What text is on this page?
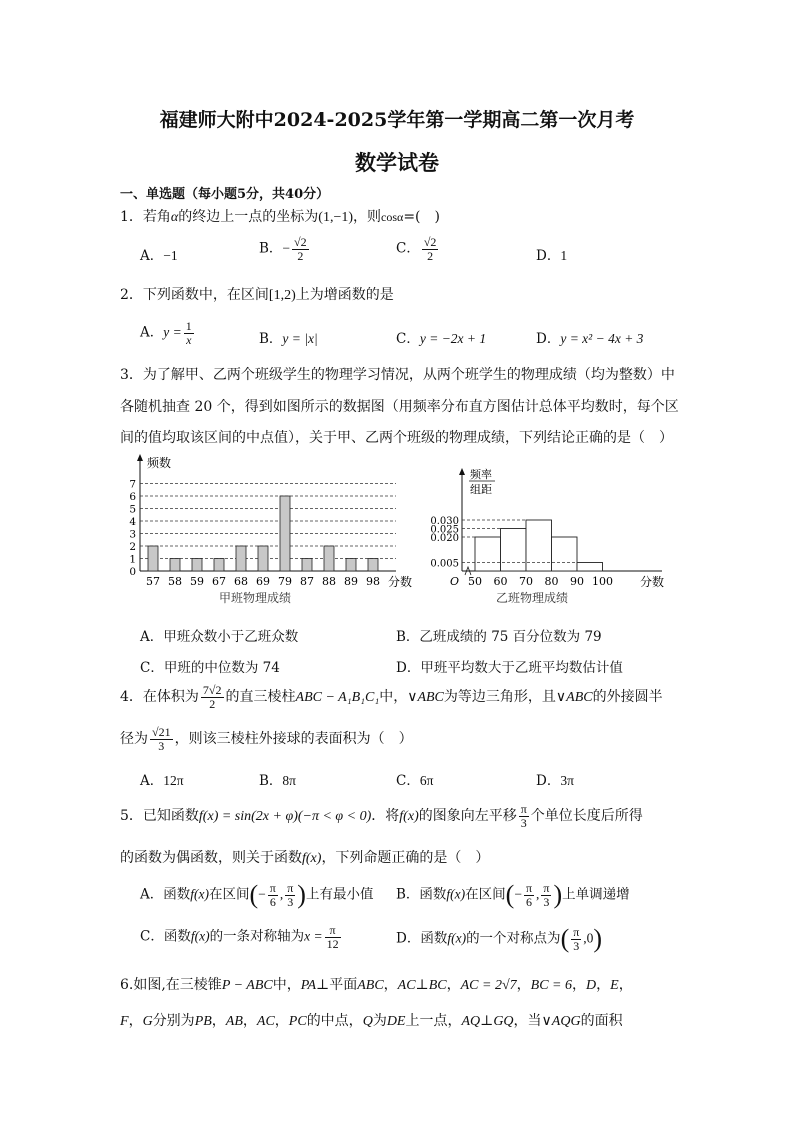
福建师大附中2024-2025学年第一学期高二第一次月考
数学试卷
一、单选题（每小题5分，共40分）
1．若角α的终边上一点的坐标为(1,−1)，则cosα=(　)
A．−1	B．− $\frac{√2}{2}$	C． $\frac{√2}{2}$	D．1
2．下列函数中，在区间[1,2)上为增函数的是
A．$y = \frac{1}{x}$	B．y = |x|	C．y = −2x + 1	D．y = x² − 4x + 3
3．为了解甲、乙两个班级学生的物理学习情况，从两个班学生的物理成绩（均为整数）中
各随机抽查 20 个，得到如图所示的数据图（用频率分布直方图估计总体平均数时，每个区
间的值均取该区间的中点值），关于甲、乙两个班级的物理成绩，下列结论正确的是（　）
频数
0
1
2
3
4
5
6
7
57 58 59 67 68 69 79 87 88 89 98 分数
甲班物理成绩
频率
组距
O
0.030
0.025
0.020
0.005
50 60 70 80 90 100 分数
乙班物理成绩
A．甲班众数小于乙班众数	B．乙班成绩的 75 百分位数为 79
C．甲班的中位数为 74	D．甲班平均数大于乙班平均数估计值
4．在体积为 $\frac{7√2}{2}$ 的直三棱柱ABC − A₁B₁C₁中，∨ABC为等边三角形，且∨ABC的外接圆半
径为 $\frac{√21}{3}$ ，则该三棱柱外接球的表面积为（　）
A．12π	B．8π	C．6π	D．3π
5．已知函数f(x) = sin(2x + φ)(−π < φ < 0)．将f(x)的图象向左平移 $\frac{\pi}{3}$ 个单位长度后所得
的函数为偶函数，则关于函数f(x)，下列命题正确的是（　）
A．函数f(x)在区间(− $\frac{\pi}{6}$ , $\frac{\pi}{3}$ )上有最小值 B．函数f(x)在区间(− $\frac{\pi}{6}$ , $\frac{\pi}{3}$ )上单调递增
C．函数f(x)的一条对称轴为$x = \frac{\pi}{12}$	D．函数f(x)的一个对称点为( $\frac{\pi}{3} ,0$)
6.如图,在三棱锥P − ABC中，PA⊥平面ABC，AC⊥BC，AC = 2√7，BC = 6，D，E，
F，G分别为PB，AB，AC，PC的中点，Q为DE上一点，AQ⊥GQ，当∨AQG的面积
